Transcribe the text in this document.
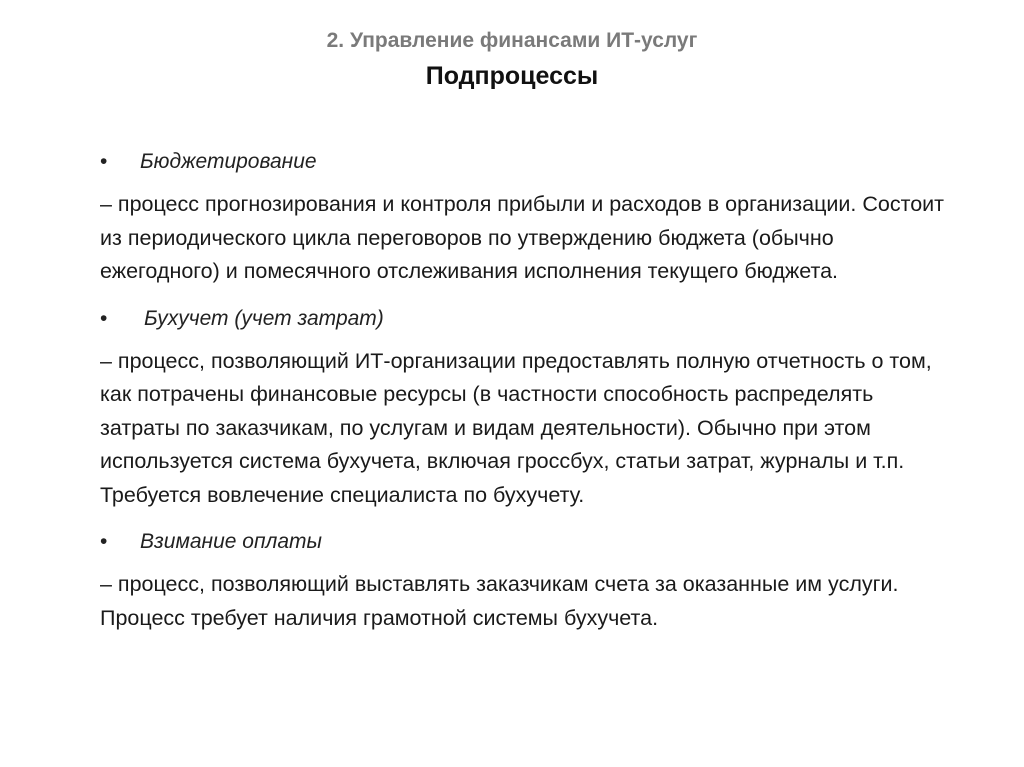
2. Управление финансами ИТ-услуг
Подпроцессы
• Бюджетирование
– процесс прогнозирования и контроля прибыли и расходов в организации. Состоит из периодического цикла переговоров по утверждению бюджета (обычно ежегодного) и помесячного отслеживания исполнения текущего бюджета.
• Бухучет (учет затрат)
– процесс, позволяющий ИТ-организации предоставлять полную отчетность о том, как потрачены финансовые ресурсы (в частности способность распределять затраты по заказчикам, по услугам и видам деятельности). Обычно при этом используется система бухучета, включая гроссбух, статьи затрат, журналы и т.п. Требуется вовлечение специалиста по бухучету.
• Взимание оплаты
– процесс, позволяющий выставлять заказчикам счета за оказанные им услуги. Процесс требует наличия грамотной системы бухучета.
